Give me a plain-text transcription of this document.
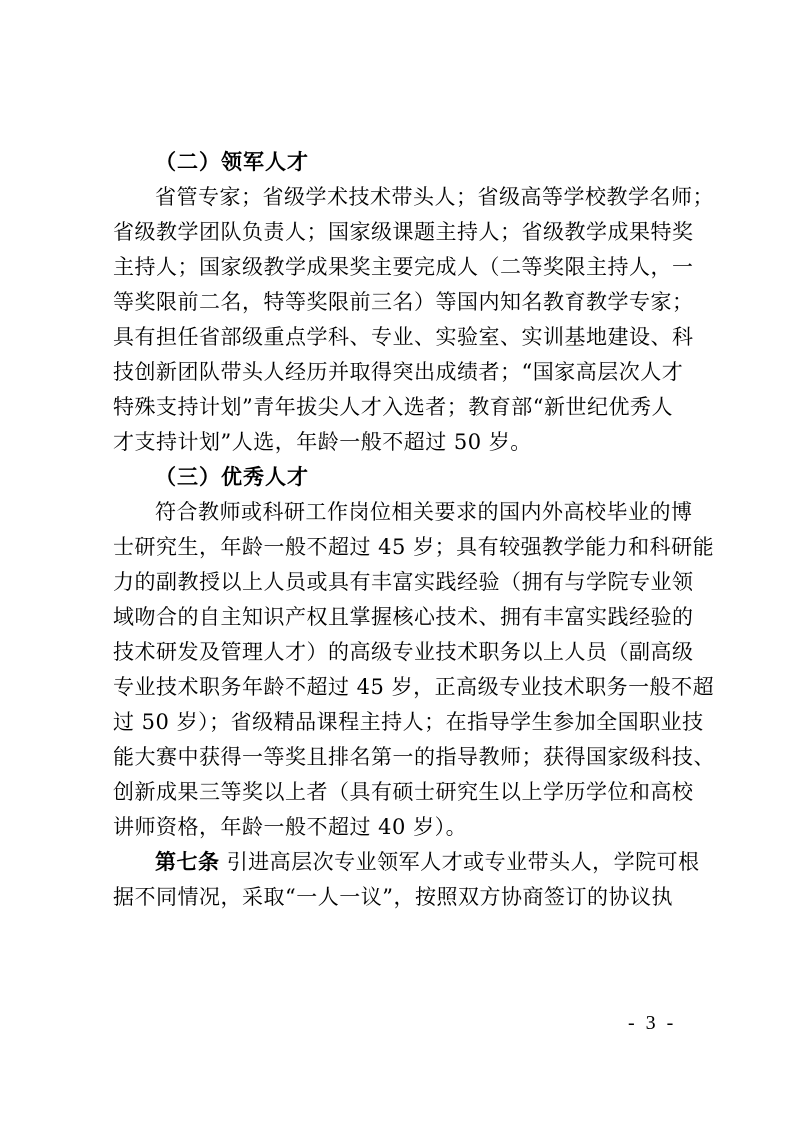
（二）领军人才
省管专家；省级学术技术带头人；省级高等学校教学名师；
省级教学团队负责人；国家级课题主持人；省级教学成果特奖
主持人；国家级教学成果奖主要完成人（二等奖限主持人，一
等奖限前二名，特等奖限前三名）等国内知名教育教学专家；
具有担任省部级重点学科、专业、实验室、实训基地建设、科
技创新团队带头人经历并取得突出成绩者；“国家高层次人才
特殊支持计划”青年拔尖人才入选者；教育部“新世纪优秀人
才支持计划”人选，年龄一般不超过 50 岁。
（三）优秀人才
符合教师或科研工作岗位相关要求的国内外高校毕业的博
士研究生，年龄一般不超过 45 岁；具有较强教学能力和科研能
力的副教授以上人员或具有丰富实践经验（拥有与学院专业领
域吻合的自主知识产权且掌握核心技术、拥有丰富实践经验的
技术研发及管理人才）的高级专业技术职务以上人员（副高级
专业技术职务年龄不超过 45 岁，正高级专业技术职务一般不超
过 50 岁）；省级精品课程主持人；在指导学生参加全国职业技
能大赛中获得一等奖且排名第一的指导教师；获得国家级科技、
创新成果三等奖以上者（具有硕士研究生以上学历学位和高校
讲师资格，年龄一般不超过 40 岁）。
第七条 引进高层次专业领军人才或专业带头人，学院可根
据不同情况，采取“一人一议”，按照双方协商签订的协议执
- 3 -
